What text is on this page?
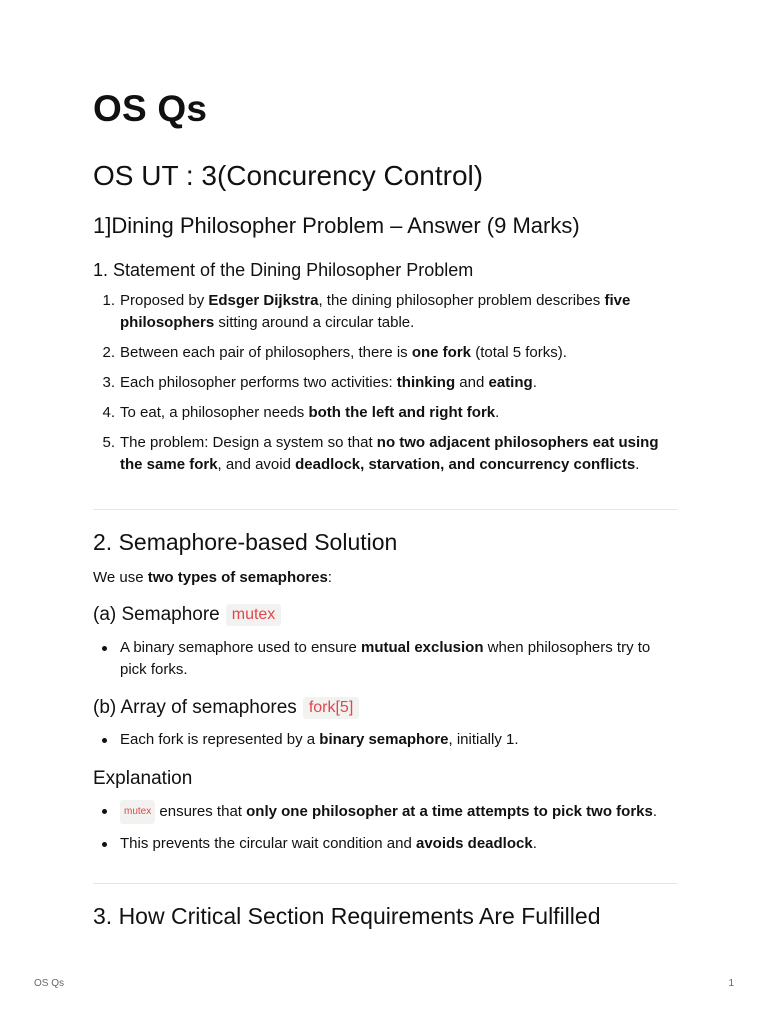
OS Qs
OS UT : 3(Concurency Control)
1]Dining Philosopher Problem – Answer (9 Marks)
1. Statement of the Dining Philosopher Problem
1. Proposed by Edsger Dijkstra, the dining philosopher problem describes five philosophers sitting around a circular table.
2. Between each pair of philosophers, there is one fork (total 5 forks).
3. Each philosopher performs two activities: thinking and eating.
4. To eat, a philosopher needs both the left and right fork.
5. The problem: Design a system so that no two adjacent philosophers eat using the same fork, and avoid deadlock, starvation, and concurrency conflicts.
2. Semaphore-based Solution

We use two types of semaphores:

(a) Semaphore mutex
A binary semaphore used to ensure mutual exclusion when philosophers try to pick forks.
(b) Array of semaphores fork[5]
Each fork is represented by a binary semaphore, initially 1.
Explanation
mutex ensures that only one philosopher at a time attempts to pick two forks.
This prevents the circular wait condition and avoids deadlock.
3. How Critical Section Requirements Are Fulfilled
OS Qs	1
